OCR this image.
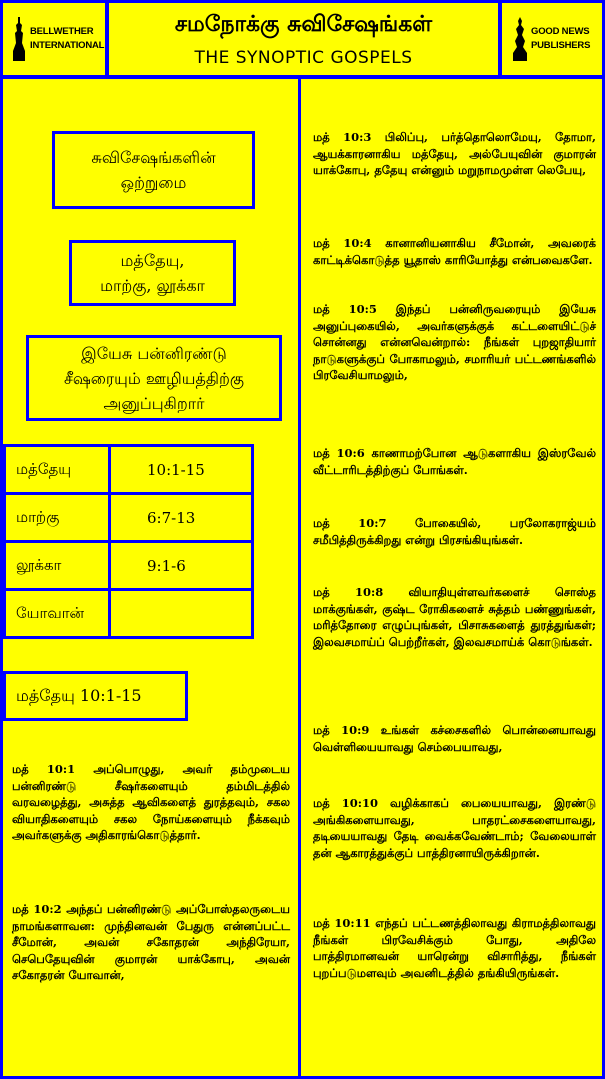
BELLWETHER
INTERNATIONAL
சமநோக்கு சுவிசேஷங்கள்
THE SYNOPTIC GOSPELS
GOOD NEWS
PUBLISHERS
சுவிசேஷங்களின்
ஒற்றுமை
மத்தேயு,
மாற்கு, லூக்கா
இயேசு பன்னிரண்டு
சீஷரையும் ஊழியத்திற்கு
அனுப்புகிறார்
மத்தேயு	10:1-15
மாற்கு	6:7-13
லூக்கா	9:1-6
யோவான்
மத்தேயு 10:1-15
மத் 10:1 அப்பொழுது, அவர் தம்முடைய பன்னிரண்டு சீஷர்களையும் தம்மிடத்தில் வரவழைத்து, அசுத்த ஆவிகளைத் துரத்தவும், சகல வியாதிகளையும் சகல நோய்களையும் நீக்கவும் அவர்களுக்கு அதிகாரங்கொடுத்தார்.
மத் 10:2 அந்தப் பன்னிரண்டு அப்போஸ்தலருடைய நாமங்களாவன: முந்தினவன் பேதுரு என்னப்பட்ட சீமோன், அவன் சகோதரன் அந்திரேயா, செபெதேயுவின் குமாரன் யாக்கோபு, அவன் சகோதரன் யோவான்,
மத் 10:3 பிலிப்பு, பர்த்தொலொமேயு, தோமா, ஆயக்காரனாகிய மத்தேயு, அல்பேயுவின் குமாரன் யாக்கோபு, ததேயு என்னும் மறுநாமமுள்ள லெபேயு,
மத் 10:4 கானானியனாகிய சீமோன், அவரைக் காட்டிக்கொடுத்த யூதாஸ் காரியோத்து என்பவைகளே.
மத் 10:5 இந்தப் பன்னிருவரையும் இயேசு அனுப்புகையில், அவர்களுக்குக் கட்டளையிட்டுச் சொன்னது என்னவென்றால்: நீங்கள் புறஜாதியார் நாடுகளுக்குப் போகாமலும், சமாரியர் பட்டணங்களில் பிரவேசியாமலும்,
மத் 10:6 காணாமற்போன ஆடுகளாகிய இஸ்ரவேல் வீட்டாரிடத்திற்குப் போங்கள்.
மத் 10:7 போகையில், பரலோகராஜ்யம் சமீபித்திருக்கிறது என்று பிரசங்கியுங்கள்.
மத் 10:8 வியாதியுள்ளவர்களைச் சொஸ்த மாக்குங்கள், குஷ்ட ரோகிகளைச் சுத்தம் பண்ணுங்கள், மரித்தோரை எழுப்புங்கள், பிசாசுகளைத் துரத்துங்கள்; இலவசமாய்ப் பெற்றீர்கள், இலவசமாய்க் கொடுங்கள்.
மத் 10:9 உங்கள் கச்சைகளில் பொன்னையாவது வெள்ளியையாவது செம்பையாவது,
மத் 10:10 வழிக்காகப் பையையாவது, இரண்டு அங்கிகளையாவது, பாதரட்சைகளையாவது, தடியையாவது தேடி வைக்கவேண்டாம்; வேலையாள் தன் ஆகாரத்துக்குப் பாத்திரனாயிருக்கிறான்.
மத் 10:11 எந்தப் பட்டணத்திலாவது கிராமத்திலாவது நீங்கள் பிரவேசிக்கும் போது, அதிலே பாத்திரமானவன் யாரென்று விசாரித்து, நீங்கள் புறப்படுமளவும் அவனிடத்தில் தங்கியிருங்கள்.
